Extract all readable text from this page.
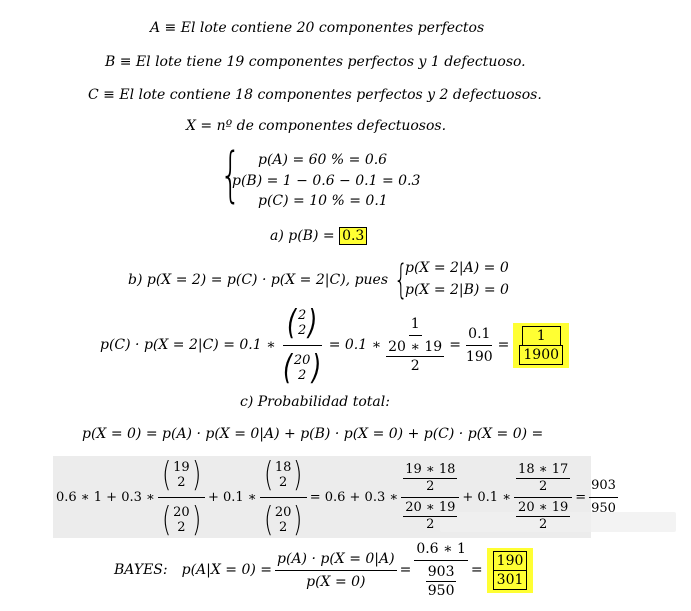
A ≡ El lote contiene 20 componentes perfectos
B ≡ El lote tiene 19 componentes perfectos y 1 defectuoso.
C ≡ El lote contiene 18 componentes perfectos y 2 defectuosos.
X = nº de componentes defectuosos.
{ p(A) = 60 % = 0.6
p(B) = 1 − 0.6 − 0.1 = 0.3
p(C) = 10 % = 0.1
a) p(B) = 0.3
b) p(X = 2) = p(C) · p(X = 2|C), pues {
p(X = 2|A) = 0
p(X = 2|B) = 0
p(C) · p(X = 2|C) = 0.1 ∗ ( 2
2 )
( 20
2 ) = 0.1 ∗ 1
20 ∗ 19
$2 = \frac{0.1}{190} = \frac{1}{1900}$
c) Probabilidad total:
p(X = 0) = p(A) · p(X = 0|A) + p(B) · p(X = 0) + p(C) · p(X = 0) =
0.6 ∗ 1 + 0.3 ∗ ( 19
2 )
( 20
2 ) + 0.1 ∗ ( 18
2 )
( 20
2 ) = 0.6 + 0.3 ∗ 19 ∗ 18
2
20 ∗ 19
2 + 0.1 ∗ 18 ∗ 17
2
20 ∗ 19
$2 = \frac{903}{950}$
BAYES: $p(A|X = 0) = \frac{p(A) \cdot p(X = 0|A)}{p(X = 0)} = 0.6$ ∗ 1
903
$950 = \frac{190}{301}$
